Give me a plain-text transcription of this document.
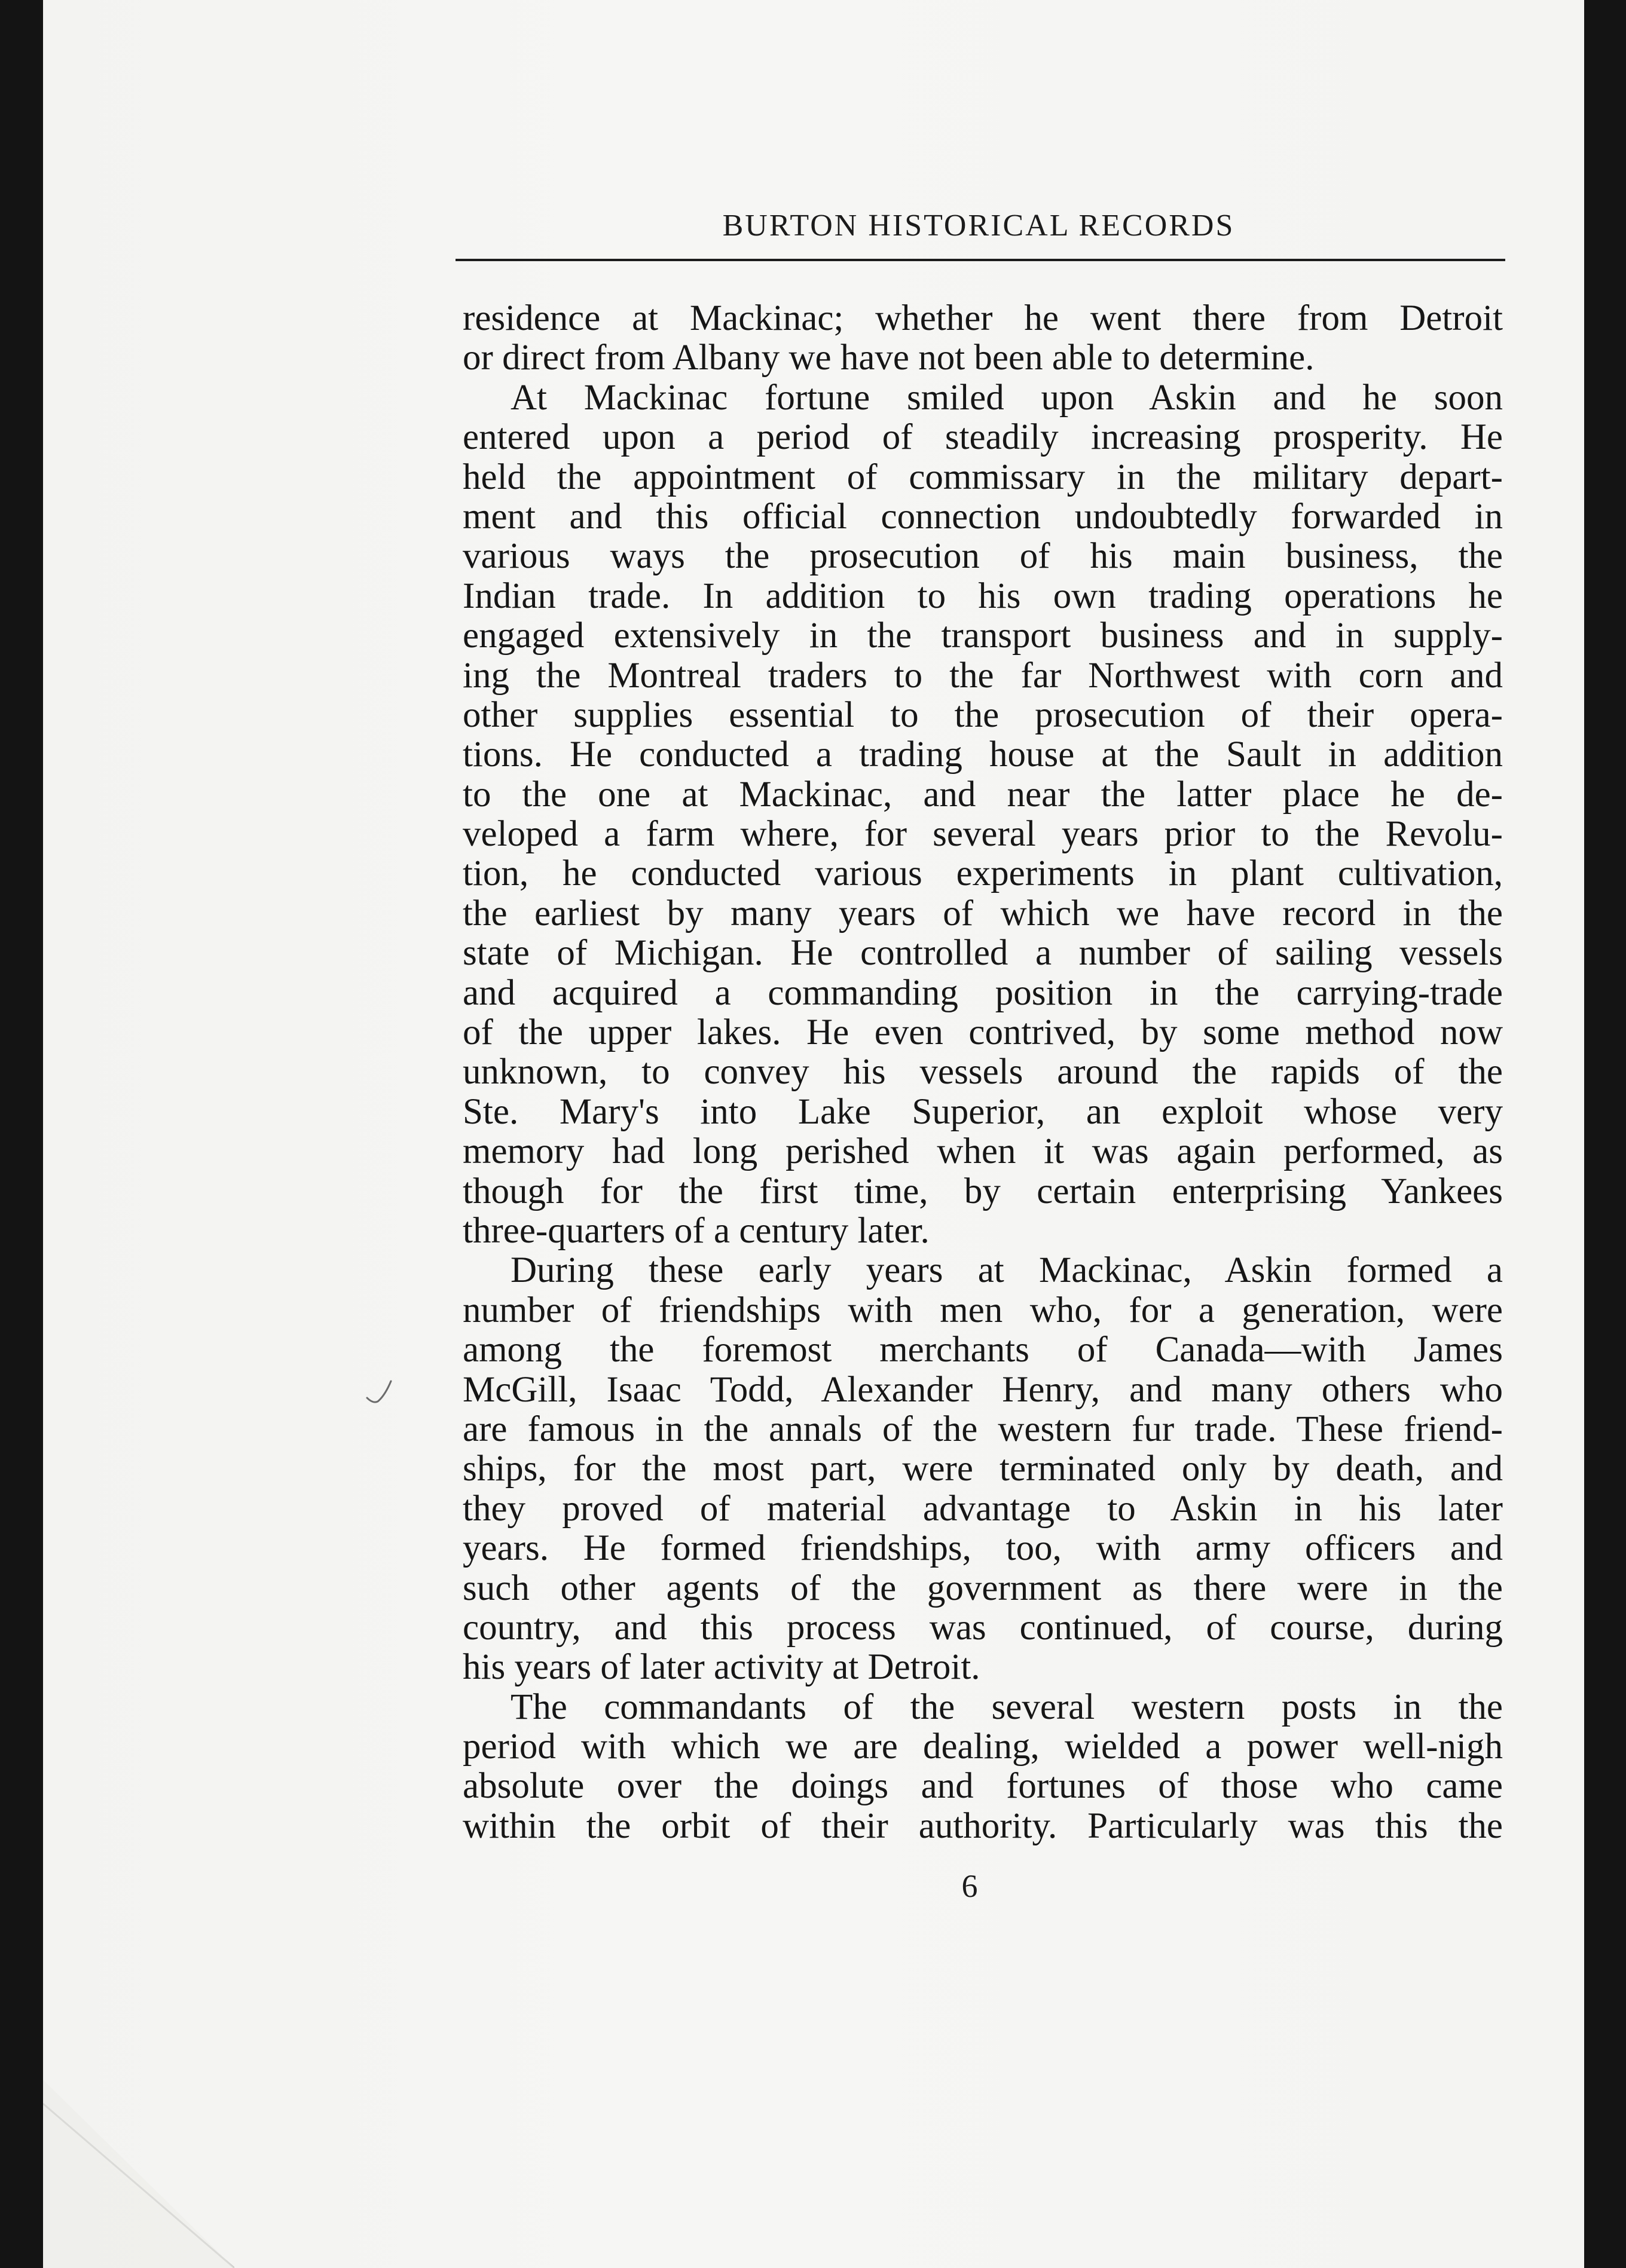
BURTON HISTORICAL RECORDS
residence at Mackinac; whether he went there from Detroit
or direct from Albany we have not been able to determine.
At Mackinac fortune smiled upon Askin and he soon
entered upon a period of steadily increasing prosperity. He
held the appointment of commissary in the military depart-
ment and this official connection undoubtedly forwarded in
various ways the prosecution of his main business, the
Indian trade. In addition to his own trading operations he
engaged extensively in the transport business and in supply-
ing the Montreal traders to the far Northwest with corn and
other supplies essential to the prosecution of their opera-
tions. He conducted a trading house at the Sault in addition
to the one at Mackinac, and near the latter place he de-
veloped a farm where, for several years prior to the Revolu-
tion, he conducted various experiments in plant cultivation,
the earliest by many years of which we have record in the
state of Michigan. He controlled a number of sailing vessels
and acquired a commanding position in the carrying-trade
of the upper lakes. He even contrived, by some method now
unknown, to convey his vessels around the rapids of the
Ste. Mary's into Lake Superior, an exploit whose very
memory had long perished when it was again performed, as
though for the first time, by certain enterprising Yankees
three-quarters of a century later.
During these early years at Mackinac, Askin formed a
number of friendships with men who, for a generation, were
among the foremost merchants of Canada—with James
McGill, Isaac Todd, Alexander Henry, and many others who
are famous in the annals of the western fur trade. These friend-
ships, for the most part, were terminated only by death, and
they proved of material advantage to Askin in his later
years. He formed friendships, too, with army officers and
such other agents of the government as there were in the
country, and this process was continued, of course, during
his years of later activity at Detroit.
The commandants of the several western posts in the
period with which we are dealing, wielded a power well-nigh
absolute over the doings and fortunes of those who came
within the orbit of their authority. Particularly was this the
6
